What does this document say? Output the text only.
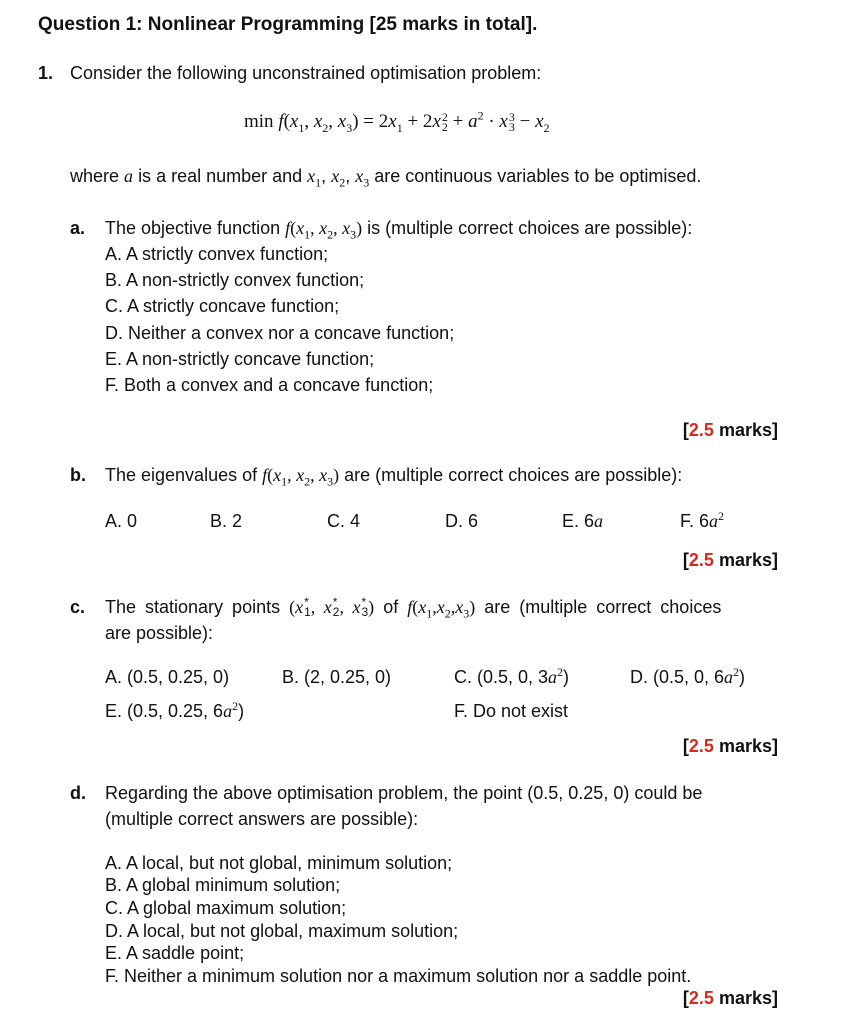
Question 1: Nonlinear Programming [25 marks in total].
1. Consider the following unconstrained optimisation problem:
$\min f(x_1$, $x_2$, $x_3) = 2x_1 + 2x$ 2
$2 + a^2 \cdot x$ 3
$3 - x_2$
where a is a real number and $x_1$, $x_2$, $x_3$ are continuous variables to be optimised.
a. The objective function $f(x_1$, $x_2$, $x_3$) is (multiple correct choices are possible):
A. A strictly convex function;
B. A non-strictly convex function;
C. A strictly concave function;
D. Neither a convex nor a concave function;
E. A non-strictly concave function;
F. Both a convex and a concave function;
[2.5 marks]
b. The eigenvalues of $f(x_1$, $x_2$, $x_3$) are (multiple correct choices are possible):
A. 0	B. 2	C. 4	D. 6	E. 6a	F. $6a^2$
[2.5 marks]
c. The stationary points (x *
1 , x *
2 , x *
3 ) of $f(x_1,x_2,x_3)$ are (multiple correct choices
are possible):
A. (0.5, 0.25, 0)	B. (2, 0.25, 0)	C. (0.5, 0, $3a^2$)	D. (0.5, 0, $6a^2$)
E. (0.5, 0.25, $6a^2$)	F. Do not exist
[2.5 marks]
d. Regarding the above optimisation problem, the point (0.5, 0.25, 0) could be
(multiple correct answers are possible):
A. A local, but not global, minimum solution;
B. A global minimum solution;
C. A global maximum solution;
D. A local, but not global, maximum solution;
E. A saddle point;
F. Neither a minimum solution nor a maximum solution nor a saddle point.
[2.5 marks]
